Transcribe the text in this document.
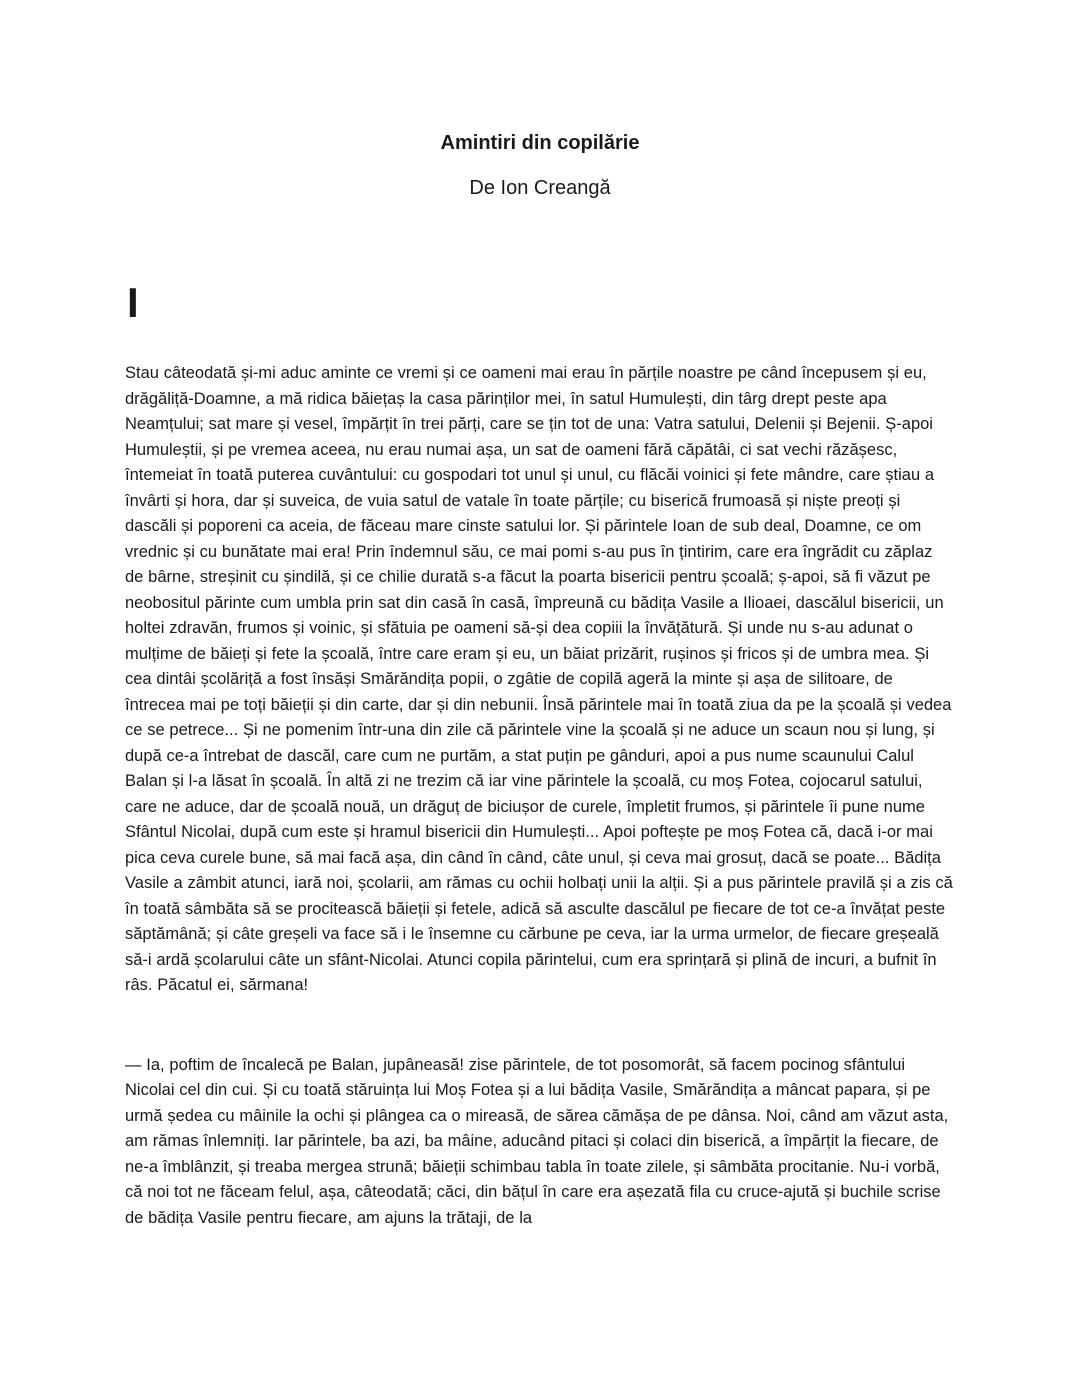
Amintiri din copilărie

De Ion Creangă

I

Stau câteodată și-mi aduc aminte ce vremi și ce oameni mai erau în părțile noastre pe când începusem și eu, drăgăliță-Doamne, a mă ridica băiețaș la casa părinților mei, în satul Humulești, din târg drept peste apa Neamțului; sat mare și vesel, împărțit în trei părți, care se țin tot de una: Vatra satului, Delenii și Bejenii. Ș-apoi Humuleștii, și pe vremea aceea, nu erau numai așa, un sat de oameni fără căpătâi, ci sat vechi răzășesc, întemeiat în toată puterea cuvântului: cu gospodari tot unul și unul, cu flăcăi voinici și fete mândre, care știau a învârti și hora, dar și suveica, de vuia satul de vatale în toate părțile; cu biserică frumoasă și niște preoți și dascăli și poporeni ca aceia, de făceau mare cinste satului lor. Și părintele Ioan de sub deal, Doamne, ce om vrednic și cu bunătate mai era! Prin îndemnul său, ce mai pomi s-au pus în țintirim, care era îngrădit cu zăplaz de bârne, streșinit cu șindilă, și ce chilie durată s-a făcut la poarta bisericii pentru școală; ș-apoi, să fi văzut pe neobositul părinte cum umbla prin sat din casă în casă, împreună cu bădița Vasile a Ilioaei, dascălul bisericii, un holtei zdravăn, frumos și voinic, și sfătuia pe oameni să-și dea copiii la învățătură. Și unde nu s-au adunat o mulțime de băieți și fete la școală, între care eram și eu, un băiat prizărit, rușinos și fricos și de umbra mea. Și cea dintâi școlăriță a fost însăși Smărăndița popii, o zgâtie de copilă ageră la minte și așa de silitoare, de întrecea mai pe toți băieții și din carte, dar și din nebunii. Însă părintele mai în toată ziua da pe la școală și vedea ce se petrece... Și ne pomenim într-una din zile că părintele vine la școală și ne aduce un scaun nou și lung, și după ce-a întrebat de dascăl, care cum ne purtăm, a stat puțin pe gânduri, apoi a pus nume scaunului Calul Balan și l-a lăsat în școală. În altă zi ne trezim că iar vine părintele la școală, cu moș Fotea, cojocarul satului, care ne aduce, dar de școală nouă, un drăguț de biciușor de curele, împletit frumos, și părintele îi pune nume Sfântul Nicolai, după cum este și hramul bisericii din Humulești... Apoi poftește pe moș Fotea că, dacă i-or mai pica ceva curele bune, să mai facă așa, din când în când, câte unul, și ceva mai grosuț, dacă se poate... Bădița Vasile a zâmbit atunci, iară noi, școlarii, am rămas cu ochii holbați unii la alții. Și a pus părintele pravilă și a zis că în toată sâmbăta să se procitească băieții și fetele, adică să asculte dascălul pe fiecare de tot ce-a învățat peste săptămână; și câte greșeli va face să i le însemne cu cărbune pe ceva, iar la urma urmelor, de fiecare greșeală să-i ardă școlarului câte un sfânt-Nicolai. Atunci copila părintelui, cum era sprințară și plină de incuri, a bufnit în râs. Păcatul ei, sărmana!

— Ia, poftim de încalecă pe Balan, jupâneasă! zise părintele, de tot posomorât, să facem pocinog sfântului Nicolai cel din cui. Și cu toată stăruința lui Moș Fotea și a lui bădița Vasile, Smărăndița a mâncat papara, și pe urmă ședea cu mâinile la ochi și plângea ca o mireasă, de sărea cămășa de pe dânsa. Noi, când am văzut asta, am rămas înlemniți. Iar părintele, ba azi, ba mâine, aducând pitaci și colaci din biserică, a împărțit la fiecare, de ne-a îmblânzit, și treaba mergea strună; băieții schimbau tabla în toate zilele, și sâmbăta procitanie. Nu-i vorbă, că noi tot ne făceam felul, așa, câteodată; căci, din bățul în care era așezată fila cu cruce-ajută și buchile scrise de bădița Vasile pentru fiecare, am ajuns la trătaji, de la
